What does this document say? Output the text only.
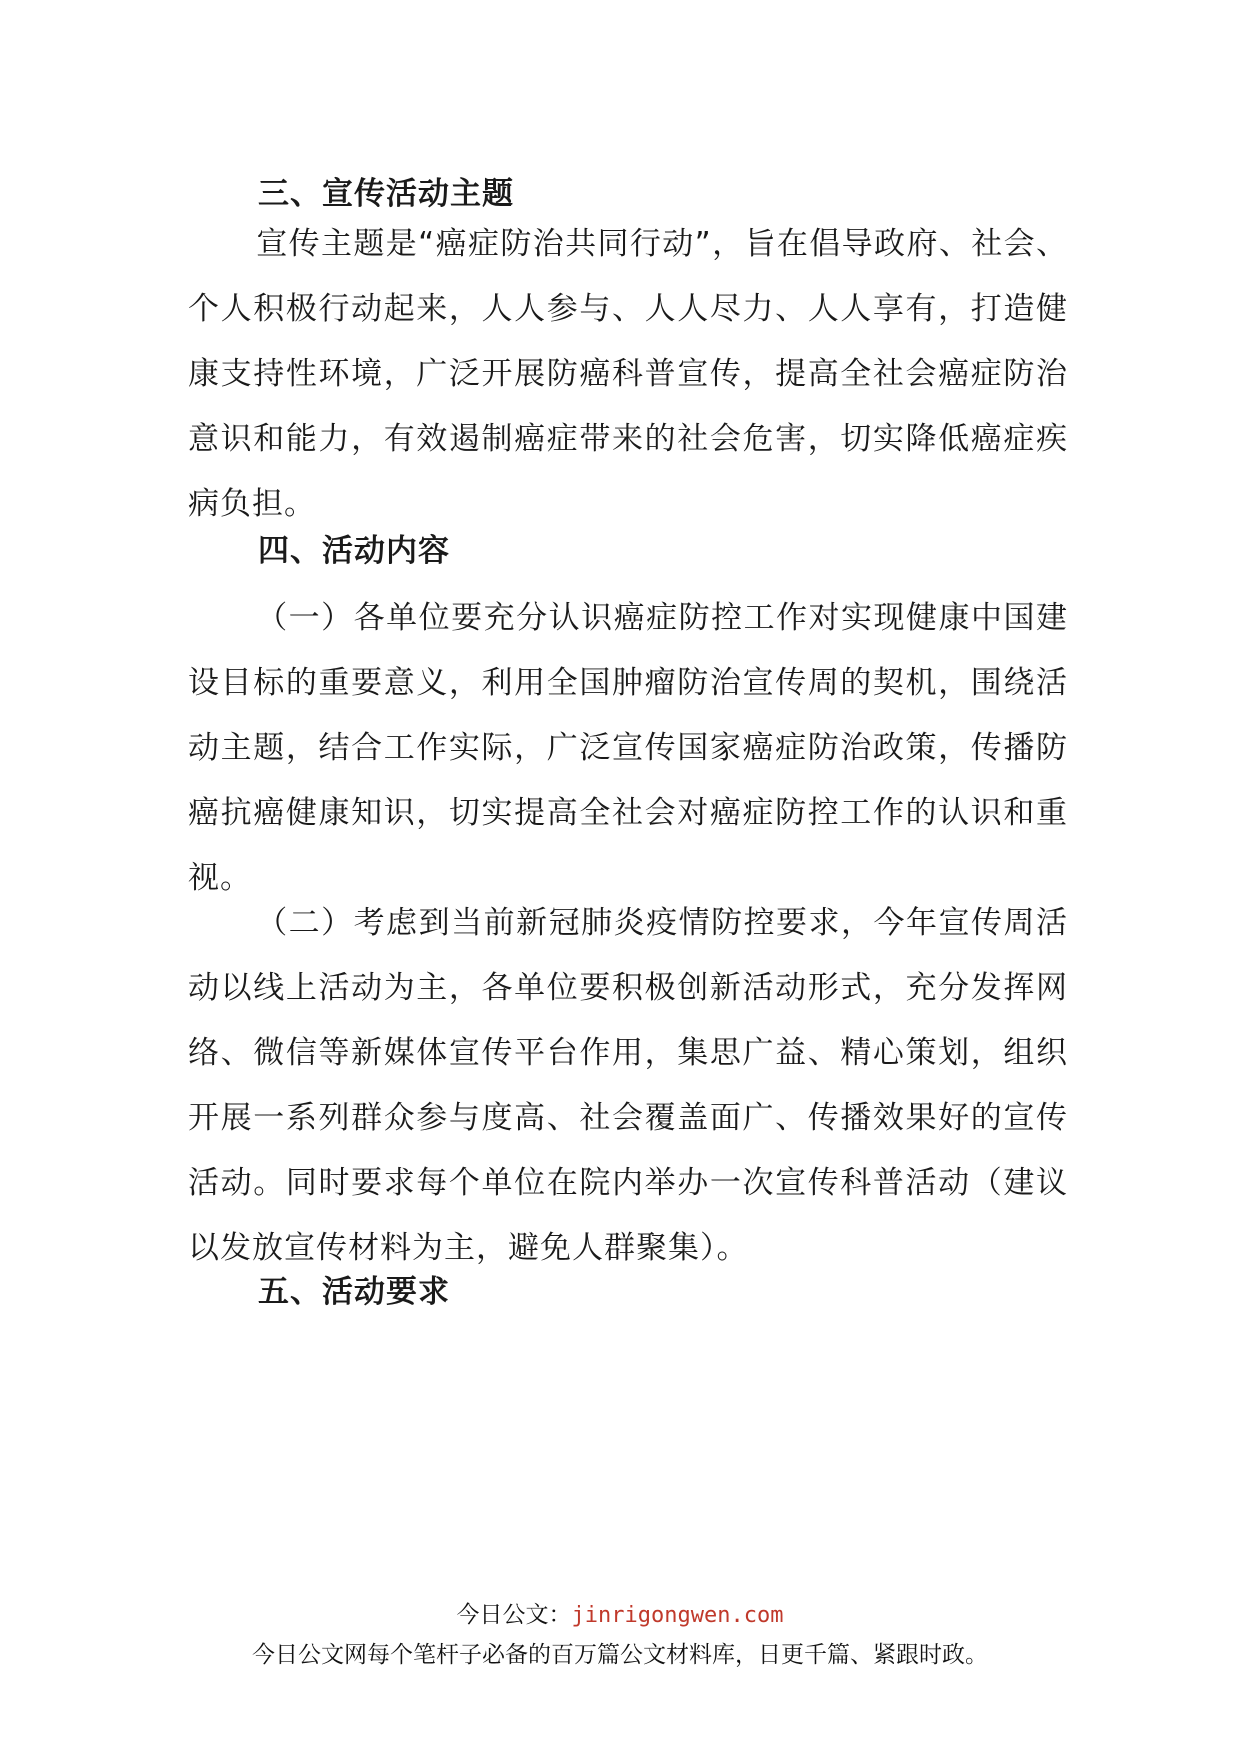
三、宣传活动主题
宣传主题是“癌症防治共同行动”，旨在倡导政府、社会、个人积极行动起来，人人参与、人人尽力、人人享有，打造健康支持性环境，广泛开展防癌科普宣传，提高全社会癌症防治意识和能力，有效遏制癌症带来的社会危害，切实降低癌症疾病负担。
四、活动内容
（一）各单位要充分认识癌症防控工作对实现健康中国建设目标的重要意义，利用全国肿瘤防治宣传周的契机，围绕活动主题，结合工作实际，广泛宣传国家癌症防治政策，传播防癌抗癌健康知识，切实提高全社会对癌症防控工作的认识和重视。
（二）考虑到当前新冠肺炎疫情防控要求，今年宣传周活动以线上活动为主，各单位要积极创新活动形式，充分发挥网络、微信等新媒体宣传平台作用，集思广益、精心策划，组织开展一系列群众参与度高、社会覆盖面广、传播效果好的宣传活动。同时要求每个单位在院内举办一次宣传科普活动（建议以发放宣传材料为主，避免人群聚集）。
五、活动要求
今日公文：jinrigongwen.com
今日公文网每个笔杆子必备的百万篇公文材料库，日更千篇、紧跟时政。
